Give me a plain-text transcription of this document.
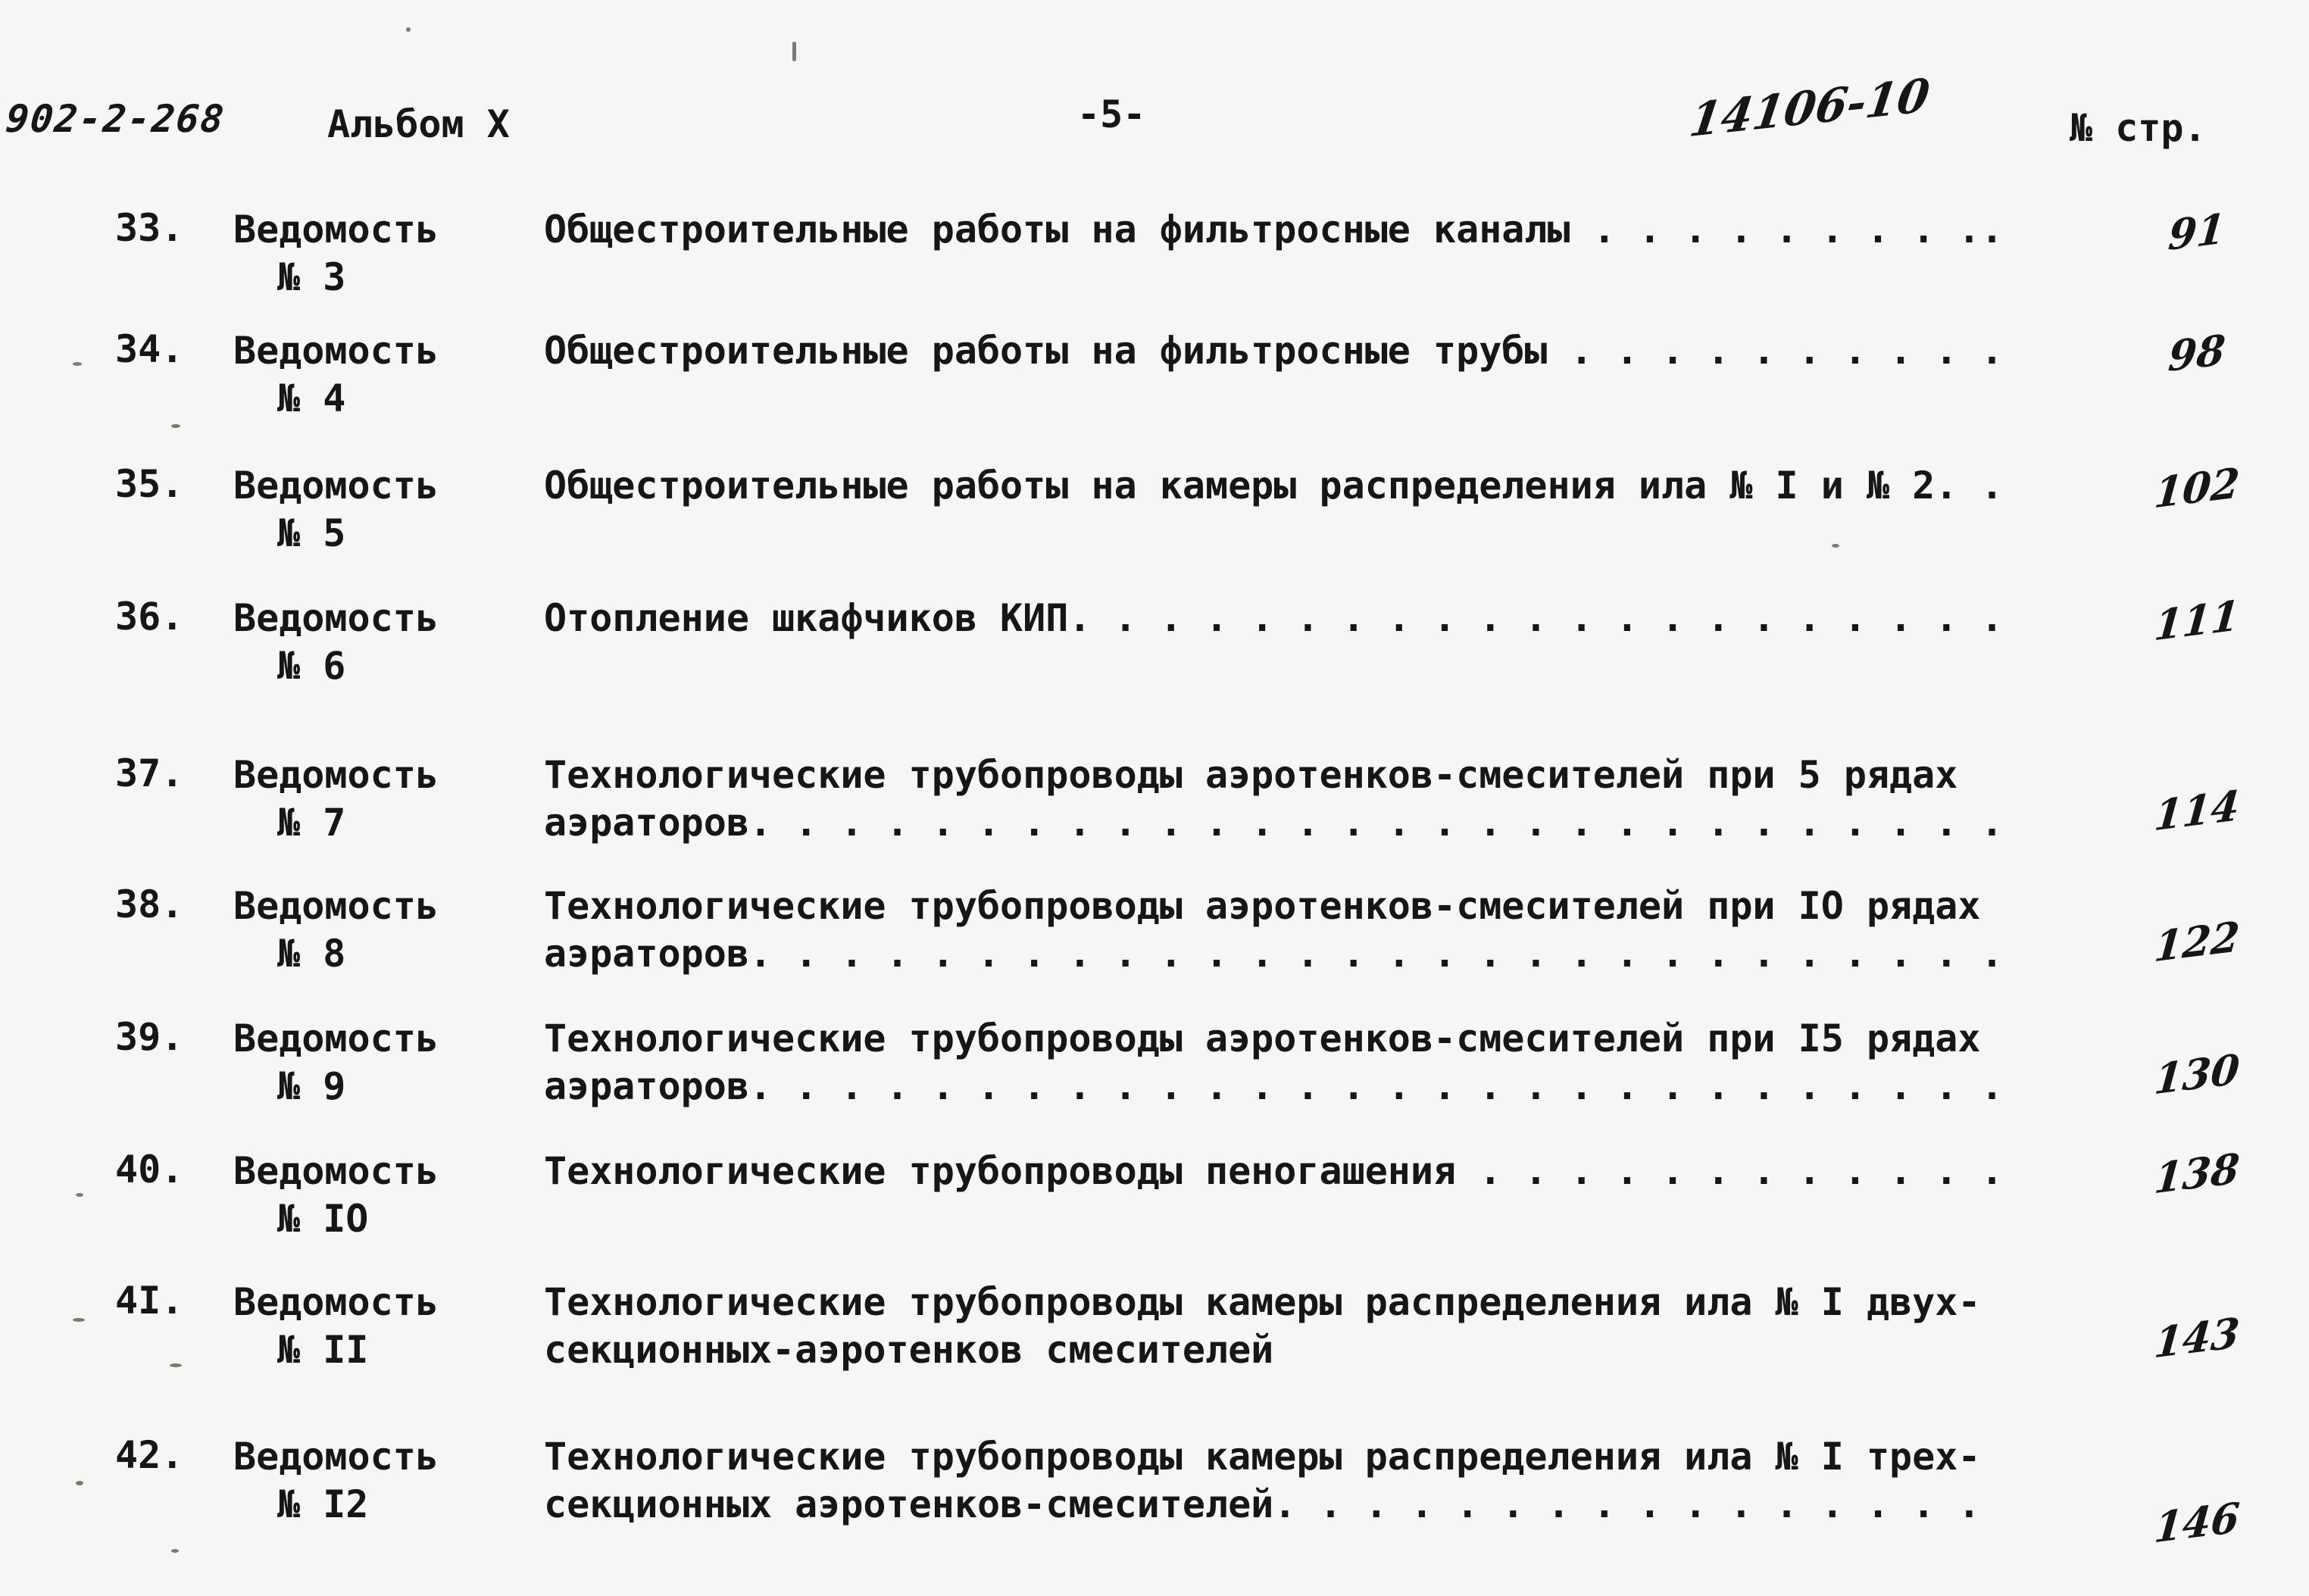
902-2-268	Альбом X	-5-	14106-10	№ стр.
33. Ведомость
№ 3
Общестроительные работы на фильтросные каналы . . . . . . . . ..	91
34. Ведомость
№ 4
Общестроительные работы на фильтросные трубы . . . . . . . . . .	98
35. Ведомость
№ 5
Общестроительные работы на камеры распределения ила № I и № 2. .	102
36. Ведомость
№ 6
Отопление шкафчиков КИП. . . . . . . . . . . . . . . . . . . . .	111
37. Ведомость
№ 7
Технологические трубопроводы аэротенков-смесителей при 5 рядах
аэраторов. . . . . . . . . . . . . . . . . . . . . . . . . . . .	114
38. Ведомость
№ 8
Технологические трубопроводы аэротенков-смесителей при IO рядах
аэраторов. . . . . . . . . . . . . . . . . . . . . . . . . . . .	122
39. Ведомость
№ 9
Технологические трубопроводы аэротенков-смесителей при I5 рядах
аэраторов. . . . . . . . . . . . . . . . . . . . . . . . . . . .	130
40. Ведомость
№ IO
Технологические трубопроводы пеногашения . . . . . . . . . . . .	138
4I. Ведомость
№ II
Технологические трубопроводы камеры распределения ила № I двух-
секционных-аэротенков смесителей	143
42. Ведомость
№ I2
Технологические трубопроводы камеры распределения ила № I трех-
секционных аэротенков-смесителей. . . . . . . . . . . . . . . .	146
